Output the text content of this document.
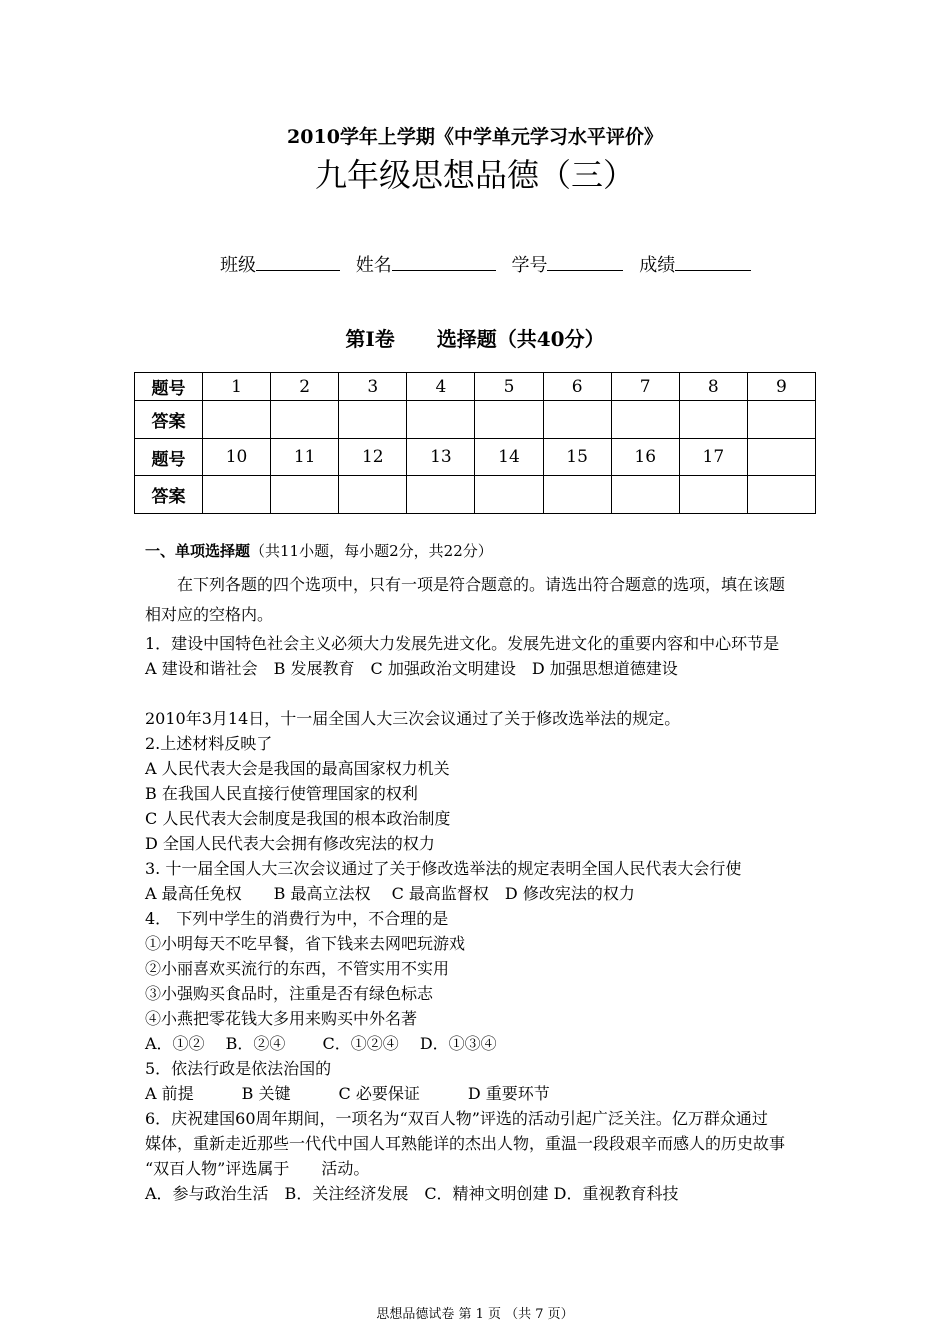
2010学年上学期《中学单元学习水平评价》
九年级思想品德（三）
班级	姓名	学号	成绩
第Ⅰ卷 选择题（共40分）
题号	1	2	3	4	5	6	7	8	9
答案									
题号	10	11	12	13	14	15	16	17	
答案									
一、单项选择题（共11小题，每小题2分，共22分）
在下列各题的四个选项中，只有一项是符合题意的。请选出符合题意的选项，填在该题
相对应的空格内。
1．建设中国特色社会主义必须大力发展先进文化。发展先进文化的重要内容和中心环节是
A 建设和谐社会　B 发展教育　C 加强政治文明建设　D 加强思想道德建设
2010年3月14日，十一届全国人大三次会议通过了关于修改选举法的规定。
2.上述材料反映了
A 人民代表大会是我国的最高国家权力机关
B 在我国人民直接行使管理国家的权利
C 人民代表大会制度是我国的根本政治制度
D 全国人民代表大会拥有修改宪法的权力
3. 十一届全国人大三次会议通过了关于修改选举法的规定表明全国人民代表大会行使
A 最高任免权　　B 最高立法权　 C 最高监督权　D 修改宪法的权力
4． 下列中学生的消费行为中，不合理的是
①小明每天不吃早餐，省下钱来去网吧玩游戏
②小丽喜欢买流行的东西，不管实用不实用
③小强购买食品时，注重是否有绿色标志
④小燕把零花钱大多用来购买中外名著
A．①②　 B．②④　　 C．①②④　 D．①③④
5．依法行政是依法治国的
A 前提　　　B 关键　　　C 必要保证　　　D 重要环节
6．庆祝建国60周年期间，一项名为“双百人物”评选的活动引起广泛关注。亿万群众通过
媒体，重新走近那些一代代中国人耳熟能详的杰出人物，重温一段段艰辛而感人的历史故事
“双百人物”评选属于　　活动。
A．参与政治生活　B．关注经济发展　C．精神文明创建 D．重视教育科技
思想品德试卷 第 1 页 （共 7 页）
